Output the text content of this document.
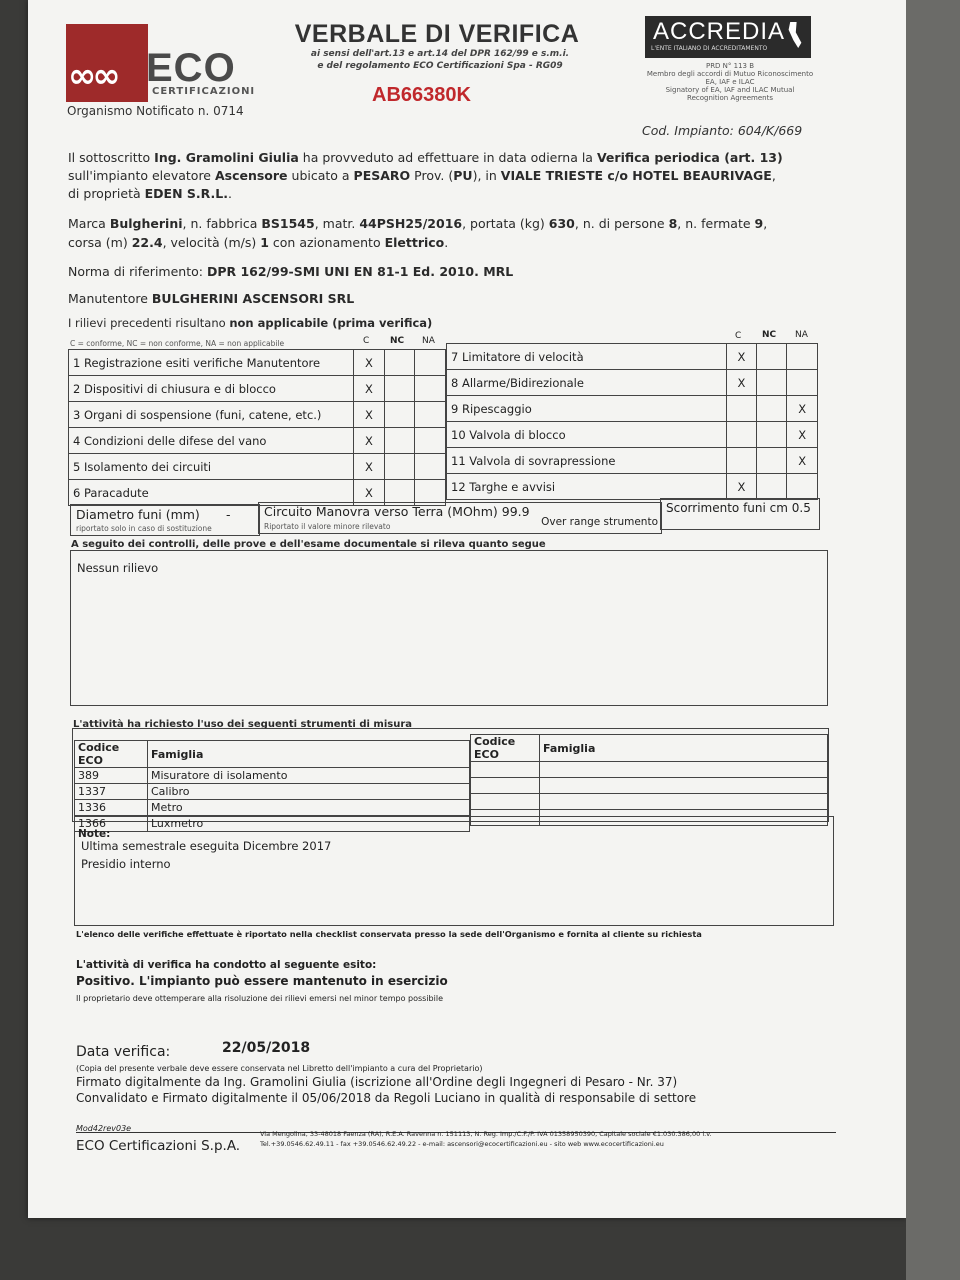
∞∞ ECO
CERTIFICAZIONI
Organismo Notificato n. 0714
VERBALE DI VERIFICA
ai sensi dell'art.13 e art.14 del DPR 162/99 e s.m.i.
e del regolamento ECO Certificazioni Spa - RG09
AB66380K
ACCREDIA
L'ENTE ITALIANO DI ACCREDITAMENTO
PRD N° 113 B
Membro degli accordi di Mutuo Riconoscimento
EA, IAF e ILAC
Signatory of EA, IAF and ILAC Mutual
Recognition Agreements
Cod. Impianto: 604/K/669
Il sottoscritto Ing. Gramolini Giulia ha provveduto ad effettuare in data odierna la Verifica periodica (art. 13)
sull'impianto elevatore Ascensore ubicato a PESARO Prov. (PU), in VIALE TRIESTE c/o HOTEL BEAURIVAGE,
di proprietà EDEN S.R.L..
Marca Bulgherini, n. fabbrica BS1545, matr. 44PSH25/2016, portata (kg) 630, n. di persone 8, n. fermate 9,
corsa (m) 22.4, velocità (m/s) 1 con azionamento Elettrico.
Norma di riferimento: DPR 162/99-SMI UNI EN 81-1 Ed. 2010. MRL
Manutentore BULGHERINI ASCENSORI SRL
I rilievi precedenti risultano non applicabile (prima verifica)
C = conforme, NC = non conforme, NA = non applicabile	C NC NA	C NC NA
1 Registrazione esiti verifiche Manutentore	X		
2 Dispositivi di chiusura e di blocco	X		
3 Organi di sospensione (funi, catene, etc.)	X		
4 Condizioni delle difese del vano	X		
5 Isolamento dei circuiti	X		
6 Paracadute	X		
7 Limitatore di velocità	X		
8 Allarme/Bidirezionale	X		
9 Ripescaggio			X
10 Valvola di blocco			X
11 Valvola di sovrapressione			X
12 Targhe e avvisi	X		
Diametro funi (mm) -
riportato solo in caso di sostituzione
Circuito Manovra verso Terra (MOhm) 99.9
Riportato il valore minore rilevato	Over range strumento
Scorrimento funi cm 0.5
A seguito dei controlli, delle prove e dell'esame documentale si rileva quanto segue
Nessun rilievo
L'attività ha richiesto l'uso dei seguenti strumenti di misura
Codice ECO	Famiglia
389	Misuratore di isolamento
1337	Calibro
1336	Metro
1366	Luxmetro
Codice ECO	Famiglia

Note:
Ultima semestrale eseguita Dicembre 2017
Presidio interno
L'elenco delle verifiche effettuate è riportato nella checklist conservata presso la sede dell'Organismo e fornita al cliente su richiesta
L'attività di verifica ha condotto al seguente esito:
Positivo. L'impianto può essere mantenuto in esercizio
Il proprietario deve ottemperare alla risoluzione dei rilievi emersi nel minor tempo possibile
Data verifica:	22/05/2018
(Copia del presente verbale deve essere conservata nel Libretto dell'impianto a cura del Proprietario)
Firmato digitalmente da Ing. Gramolini Giulia (iscrizione all'Ordine degli Ingegneri di Pesaro - Nr. 37)
Convalidato e Firmato digitalmente il 05/06/2018 da Regoli Luciano in qualità di responsabile di settore
Mod42rev03e
ECO Certificazioni S.p.A.
Via Mengolina, 33-48018 Faenza (RA), R.E.A. Ravenna n. 151113, N. Reg. Imp./C.F./P. IVA 01358950390, Capitale sociale €1.030.386,00 i.v.
Tel.+39.0546.62.49.11 - fax +39.0546.62.49.22 - e-mail: ascensori@ecocertificazioni.eu - sito web www.ecocertificazioni.eu
